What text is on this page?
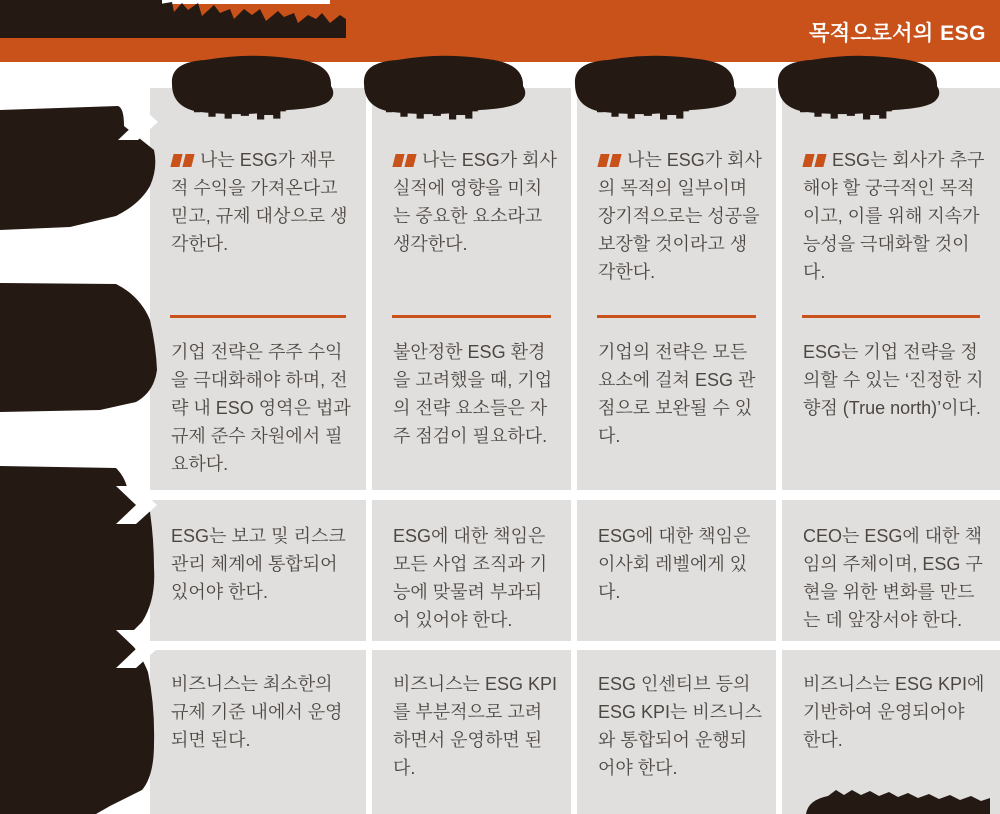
목적으로서의 ESG
나는 ESG가 재무적 수익을 가져온다고 믿고, 규제 대상으로 생각한다.
기업 전략은 주주 수익을 극대화해야 하며, 전략 내 ESO 영역은 법과 규제 준수 차원에서 필요하다.
ESG는 보고 및 리스크 관리 체계에 통합되어 있어야 한다.
비즈니스는 최소한의 규제 기준 내에서 운영되면 된다.
나는 ESG가 회사 실적에 영향을 미치는 중요한 요소라고 생각한다.
불안정한 ESG 환경을 고려했을 때, 기업의 전략 요소들은 자주 점검이 필요하다.
ESG에 대한 책임은 모든 사업 조직과 기능에 맞물려 부과되어 있어야 한다.
비즈니스는 ESG KPI를 부분적으로 고려하면서 운영하면 된다.
나는 ESG가 회사의 목적의 일부이며 장기적으로는 성공을 보장할 것이라고 생각한다.
기업의 전략은 모든 요소에 걸쳐 ESG 관점으로 보완될 수 있다.
ESG에 대한 책임은 이사회 레벨에게 있다.
ESG 인센티브 등의 ESG KPI는 비즈니스와 통합되어 운행되어야 한다.
ESG는 회사가 추구해야 할 궁극적인 목적이고, 이를 위해 지속가능성을 극대화할 것이다.
ESG는 기업 전략을 정의할 수 있는 ‘진정한 지향점 (True north)’이다.
CEO는 ESG에 대한 책임의 주체이며, ESG 구현을 위한 변화를 만드는 데 앞장서야 한다.
비즈니스는 ESG KPI에 기반하여 운영되어야 한다.
